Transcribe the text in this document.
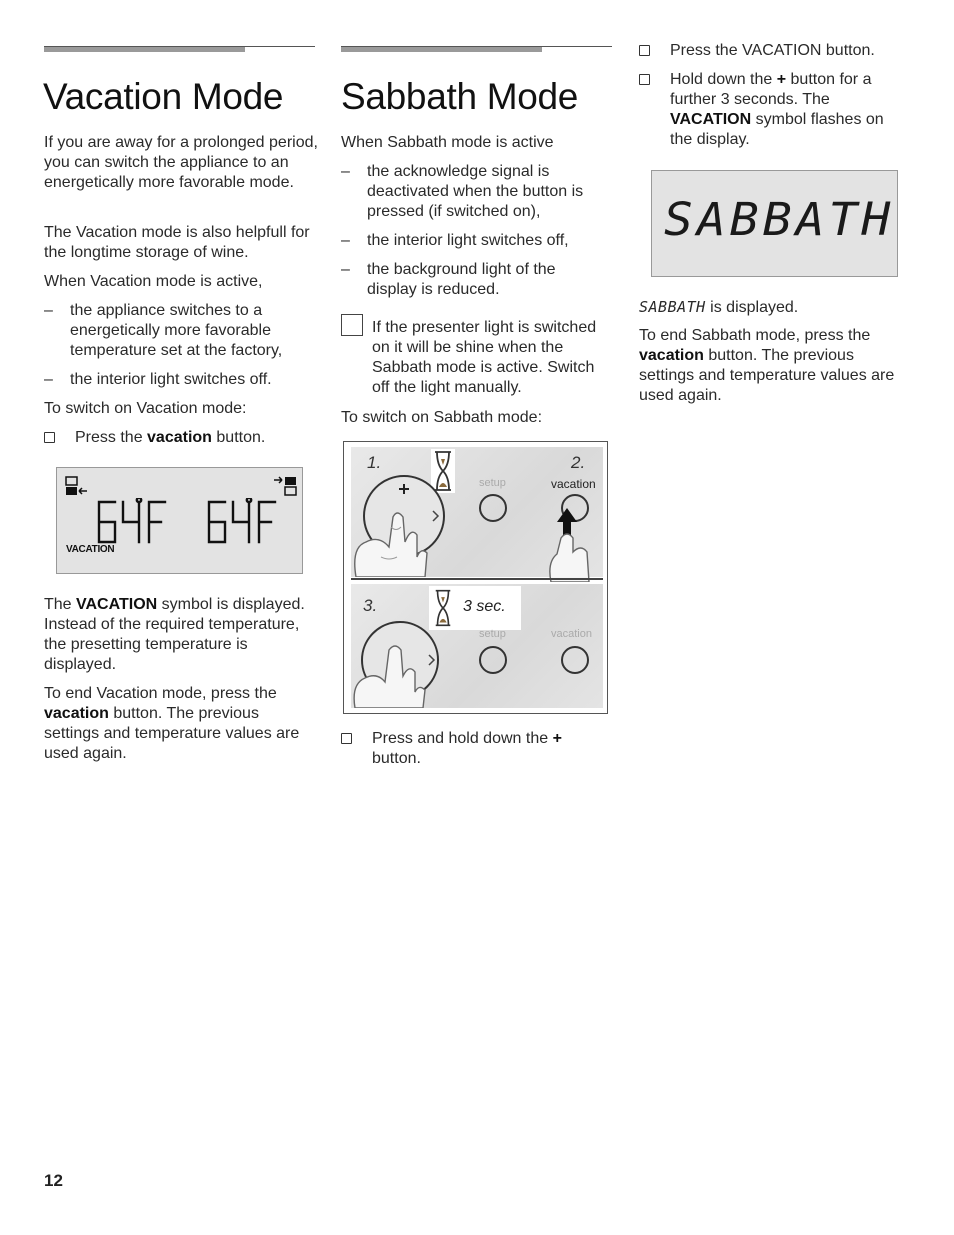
Vacation Mode

If you are away for a prolonged period, you can switch the appliance to an energetically more favorable mode.

The Vacation mode is also helpfull for the longtime storage of wine.

When Vacation mode is active,

– the appliance switches to a energetically more favorable temperature set at the factory,
– the interior light switches off.

To switch on Vacation mode:

Press the vacation button.
VACATION

The VACATION symbol is displayed. Instead of the required temperature, the presetting temperature is displayed.

To end Vacation mode, press the vacation button. The previous settings and temperature values are used again.

Sabbath Mode

When Sabbath mode is active

– the acknowledge signal is deactivated when the button is pressed (if switched on),
– the interior light switches off,
– the background light of the display is reduced.

If the presenter light is switched on it will be shine when the Sabbath mode is active. Switch off the light manually.

To switch on Sabbath mode:

1.	2.
setup	vacation
3.	3 sec.
setup	vacation
Press and hold down the + button.
Press the VACATION button.
Hold down the + button for a further 3 seconds. The VACATION symbol flashes on the display.
SABBATH

SABBATH is displayed.

To end Sabbath mode, press the vacation button. The previous settings and temperature values are used again.

12
